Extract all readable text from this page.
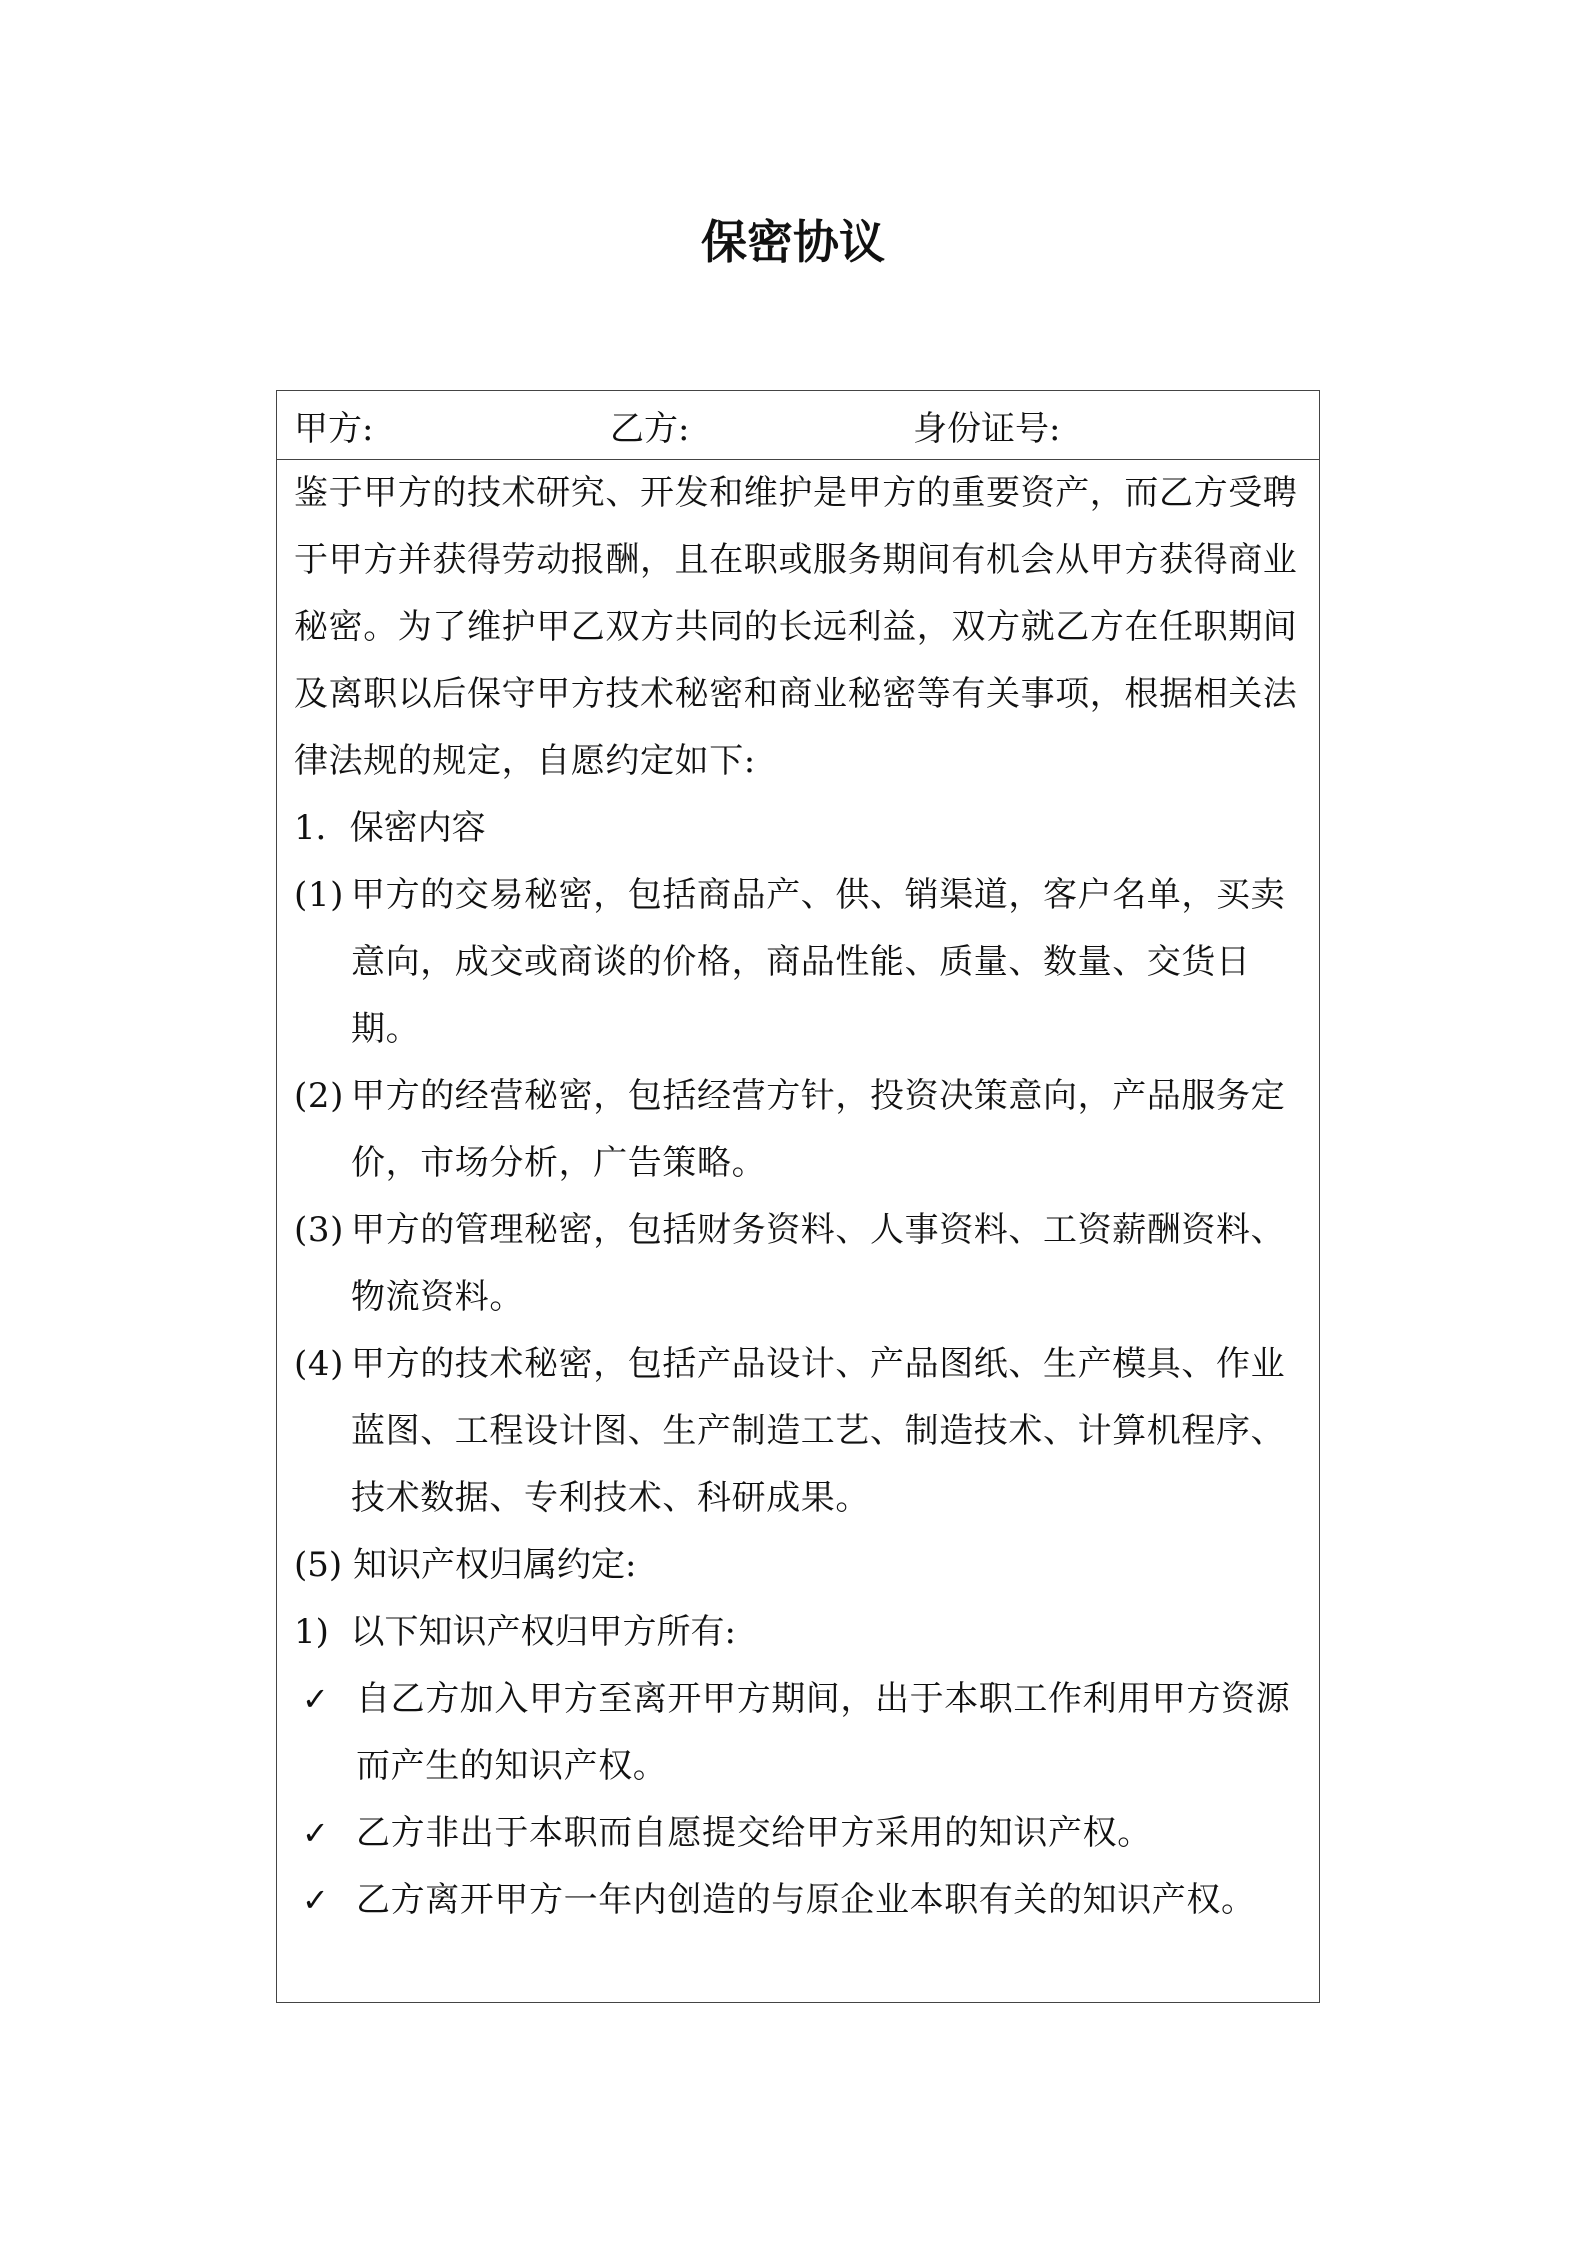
保密协议
甲方:	乙方:	身份证号:

鉴于甲方的技术研究、开发和维护是甲方的重要资产，而乙方受聘于甲方并获得劳动报酬，且在职或服务期间有机会从甲方获得商业秘密。为了维护甲乙双方共同的长远利益，双方就乙方在任职期间及离职以后保守甲方技术秘密和商业秘密等有关事项，根据相关法律法规的规定，自愿约定如下:

1．保密内容

(1) 甲方的交易秘密，包括商品产、供、销渠道，客户名单，买卖意向，成交或商谈的价格，商品性能、质量、数量、交货日期。

(2) 甲方的经营秘密，包括经营方针，投资决策意向，产品服务定价，市场分析，广告策略。

(3) 甲方的管理秘密，包括财务资料、人事资料、工资薪酬资料、物流资料。

(4) 甲方的技术秘密，包括产品设计、产品图纸、生产模具、作业蓝图、工程设计图、生产制造工艺、制造技术、计算机程序、技术数据、专利技术、科研成果。

(5) 知识产权归属约定:

1)  以下知识产权归甲方所有:

✓ 自乙方加入甲方至离开甲方期间，出于本职工作利用甲方资源而产生的知识产权。

✓ 乙方非出于本职而自愿提交给甲方采用的知识产权。

✓ 乙方离开甲方一年内创造的与原企业本职有关的知识产权。
